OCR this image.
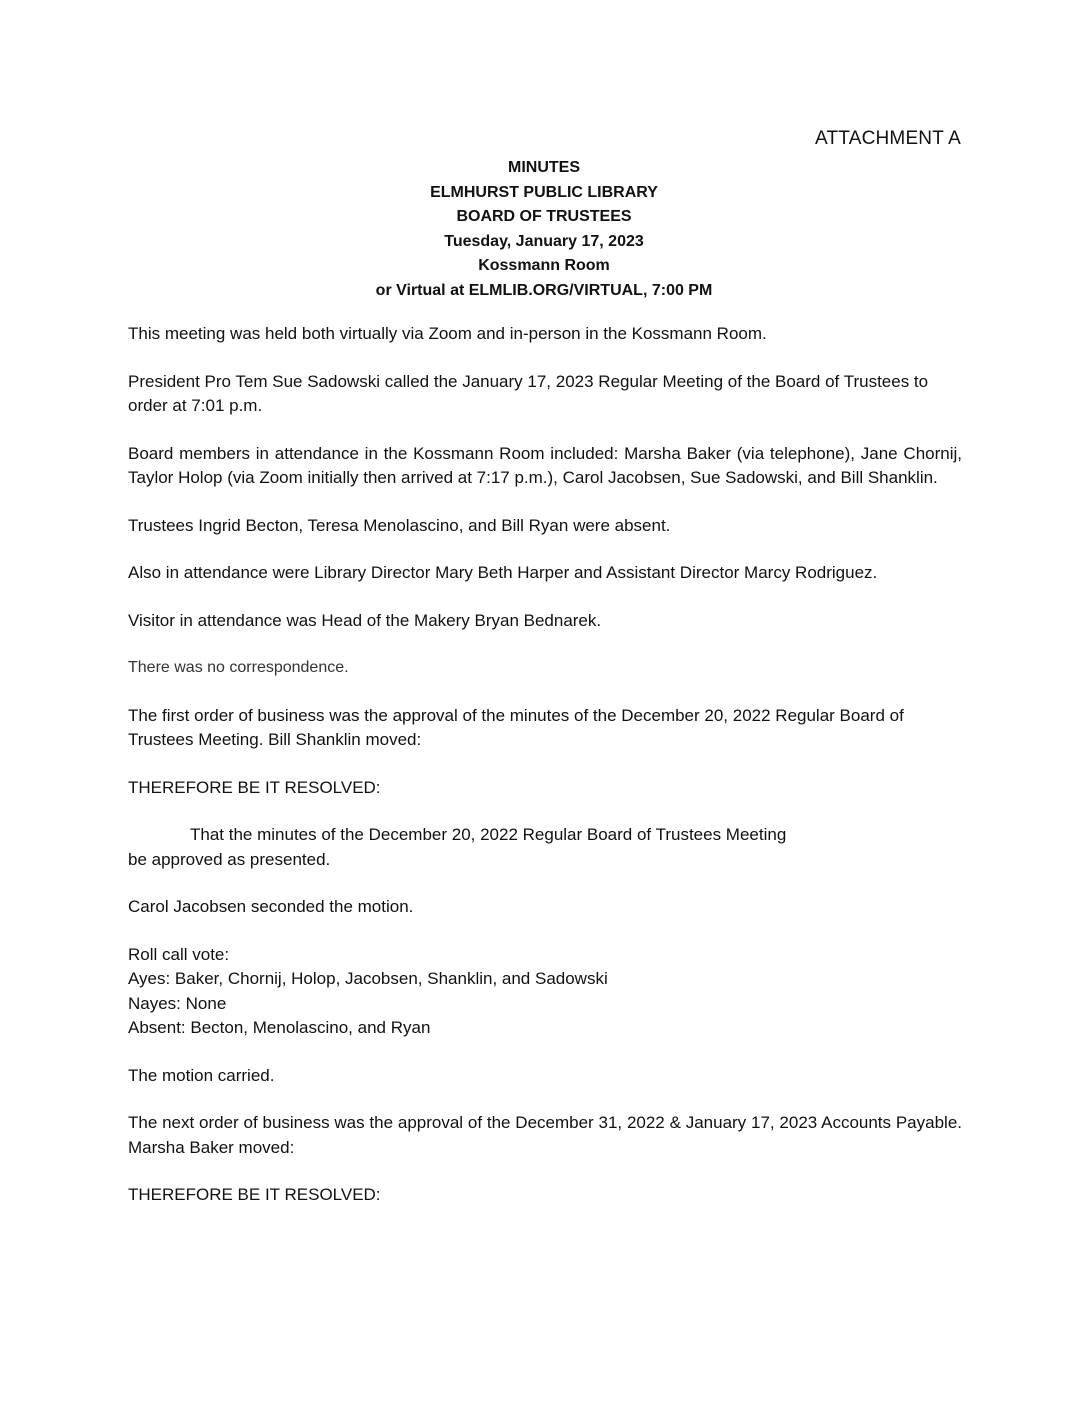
ATTACHMENT A
MINUTES
ELMHURST PUBLIC LIBRARY
BOARD OF TRUSTEES
Tuesday, January 17, 2023
Kossmann Room
or Virtual at ELMLIB.ORG/VIRTUAL, 7:00 PM

This meeting was held both virtually via Zoom and in-person in the Kossmann Room.

President Pro Tem Sue Sadowski called the January 17, 2023 Regular Meeting of the Board of Trustees to order at 7:01 p.m.

Board members in attendance in the Kossmann Room included: Marsha Baker (via telephone), Jane Chornij, Taylor Holop (via Zoom initially then arrived at 7:17 p.m.), Carol Jacobsen, Sue Sadowski, and Bill Shanklin.

Trustees Ingrid Becton, Teresa Menolascino, and Bill Ryan were absent.

Also in attendance were Library Director Mary Beth Harper and Assistant Director Marcy Rodriguez.

Visitor in attendance was Head of the Makery Bryan Bednarek.

There was no correspondence.

The first order of business was the approval of the minutes of the December 20, 2022 Regular Board of Trustees Meeting. Bill Shanklin moved:

THEREFORE BE IT RESOLVED:

That the minutes of the December 20, 2022 Regular Board of Trustees Meeting
be approved as presented.

Carol Jacobsen seconded the motion.

Roll call vote:
Ayes: Baker, Chornij, Holop, Jacobsen, Shanklin, and Sadowski
Nayes: None
Absent: Becton, Menolascino, and Ryan

The motion carried.

The next order of business was the approval of the December 31, 2022 & January 17, 2023 Accounts Payable. Marsha Baker moved:

THEREFORE BE IT RESOLVED:
